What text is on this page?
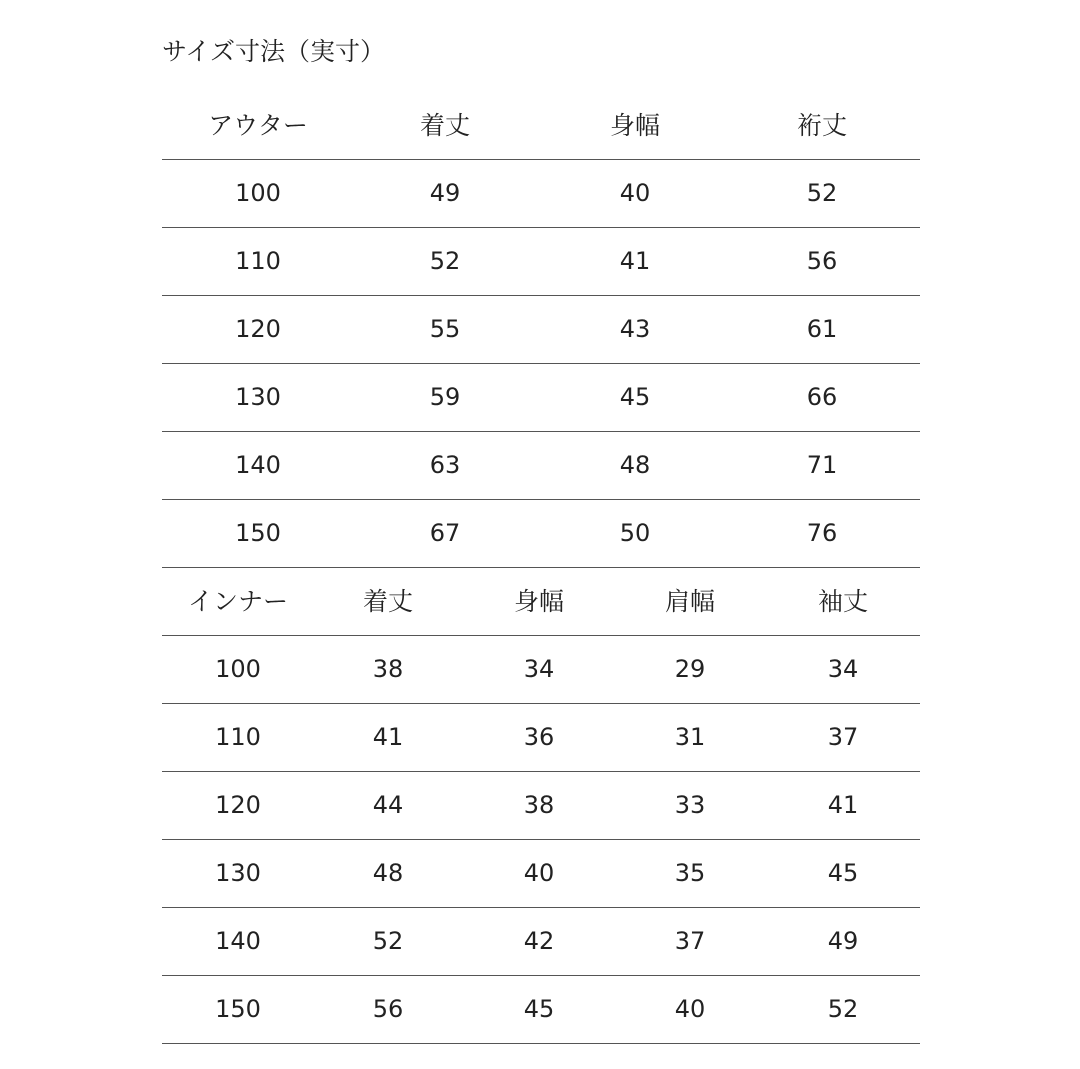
サイズ寸法（実寸）
アウター	着丈	身幅	裄丈
100	49	40	52
110	52	41	56
120	55	43	61
130	59	45	66
140	63	48	71
150	67	50	76
インナー	着丈	身幅	肩幅	袖丈
100	38	34	29	34
110	41	36	31	37
120	44	38	33	41
130	48	40	35	45
140	52	42	37	49
150	56	45	40	52
